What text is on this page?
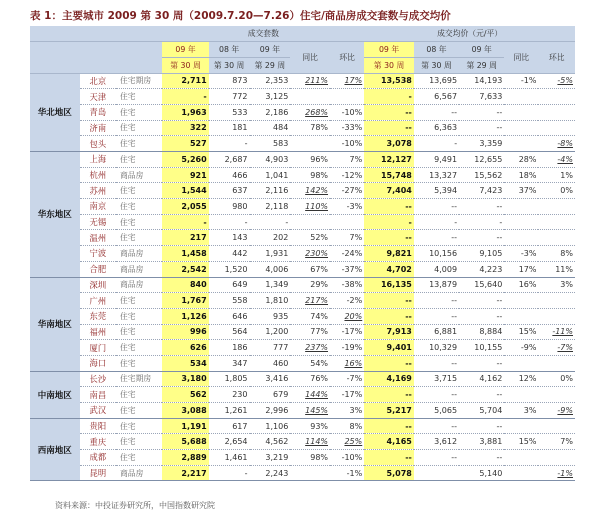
表 1：主要城市 2009 第 30 周（2009.7.20—7.26）住宅/商品房成交套数与成交均价
			成交套数					成交均价（元/平）				
			09 年	08 年	09 年	同比	环比	09 年	08 年	09 年	同比	环比
			第 30 周	第 30 周	第 29 周			第 30 周	第 30 周	第 29 周		
华北地区	北京	住宅期房	2,711	873	2,353	211%	17%	13,538	13,695	14,193	-1%	-5%
	天津	住宅	-	772	3,125			-	6,567	7,633		
	青岛	住宅	1,963	533	2,186	268%	-10%	--	--	--		
	济南	住宅	322	181	484	78%	-33%	--	6,363	--		
	包头	住宅	527	-	583		-10%	3,078	-	3,359		-8%
华东地区	上海	住宅	5,260	2,687	4,903	96%	7%	12,127	9,491	12,655	28%	-4%
	杭州	商品房	921	466	1,041	98%	-12%	15,748	13,327	15,562	18%	1%
	苏州	住宅	1,544	637	2,116	142%	-27%	7,404	5,394	7,423	37%	0%
	南京	住宅	2,055	980	2,118	110%	-3%	--	--	--		
	无锡	住宅	-	-	-			-	-	-		
	温州	住宅	217	143	202	52%	7%	--	--	--		
	宁波	商品房	1,458	442	1,931	230%	-24%	9,821	10,156	9,105	-3%	8%
	合肥	商品房	2,542	1,520	4,006	67%	-37%	4,702	4,009	4,223	17%	11%
华南地区	深圳	商品房	840	649	1,349	29%	-38%	16,135	13,879	15,640	16%	3%
	广州	住宅	1,767	558	1,810	217%	-2%	--	--	--		
	东莞	住宅	1,126	646	935	74%	20%	--	--	--		
	福州	住宅	996	564	1,200	77%	-17%	7,913	6,881	8,884	15%	-11%
	厦门	住宅	626	186	777	237%	-19%	9,401	10,329	10,155	-9%	-7%
	海口	住宅	534	347	460	54%	16%	--	--	--		
中南地区	长沙	住宅期房	3,180	1,805	3,416	76%	-7%	4,169	3,715	4,162	12%	0%
	南昌	住宅	562	230	679	144%	-17%	--	--	--		
	武汉	住宅	3,088	1,261	2,996	145%	3%	5,217	5,065	5,704	3%	-9%
西南地区	贵阳	住宅	1,191	617	1,106	93%	8%	--	--	--		
	重庆	住宅	5,688	2,654	4,562	114%	25%	4,165	3,612	3,881	15%	7%
	成都	住宅	2,889	1,461	3,219	98%	-10%	--	--	--		
	昆明	商品房	2,217	-	2,243		-1%	5,078		5,140		-1%
资料来源：中投证券研究所，中国指数研究院
